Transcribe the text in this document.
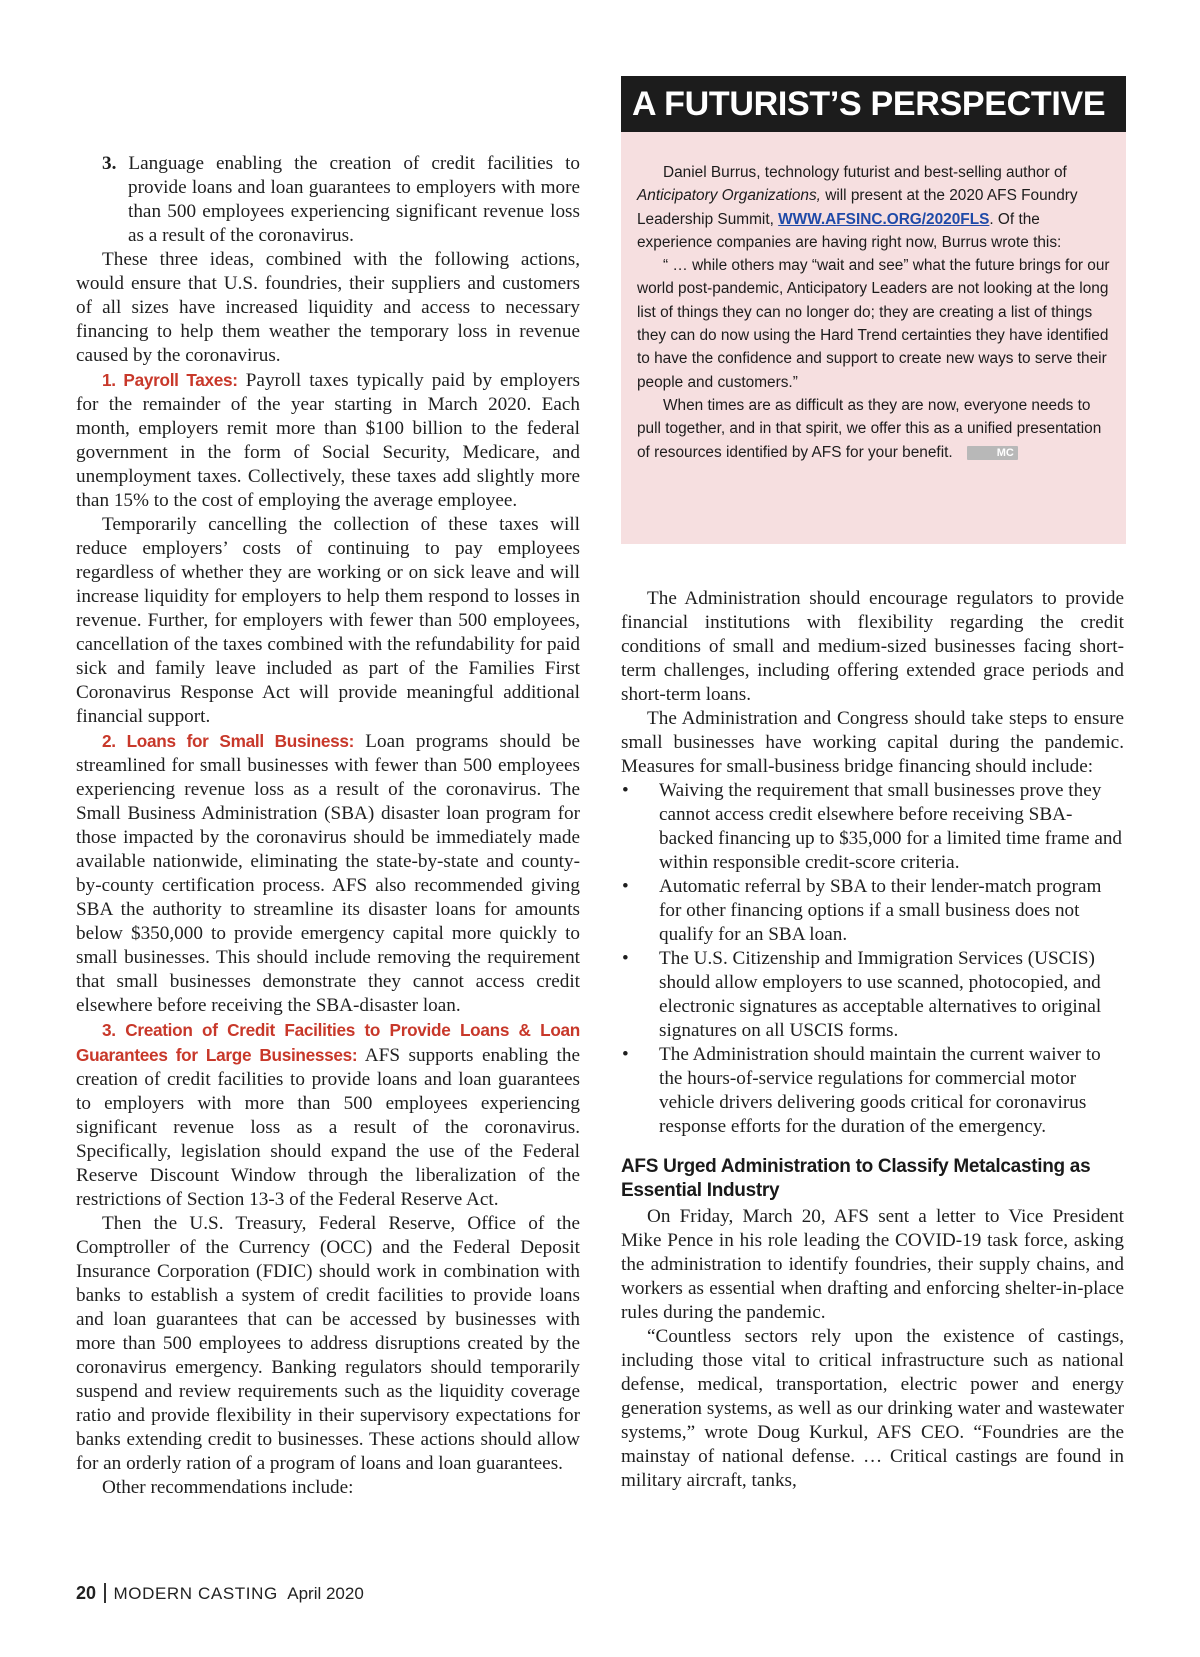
A FUTURIST’S PERSPECTIVE

Daniel Burrus, technology futurist and best-selling author of Anticipatory Organizations, will present at the 2020 AFS Foundry Leadership Summit, WWW.AFSINC.ORG/2020FLS. Of the experience companies are having right now, Burrus wrote this:

“ … while others may “wait and see” what the future brings for our world post-pandemic, Anticipatory Leaders are not looking at the long list of things they can no longer do; they are creating a list of things they can do now using the Hard Trend certainties they have identified to have the confidence and support to create new ways to serve their people and customers.”

When times are as difficult as they are now, everyone needs to pull together, and in that spirit, we offer this as a unified presentation of resources identified by AFS for your benefit.	MC

3. Language enabling the creation of credit facilities to provide loans and loan guarantees to employers with more than 500 employees experiencing significant revenue loss as a result of the coronavirus.

These three ideas, combined with the following actions, would ensure that U.S. foundries, their suppliers and customers of all sizes have increased liquidity and access to necessary financing to help them weather the temporary loss in revenue caused by the coronavirus.

1. Payroll Taxes: Payroll taxes typically paid by employers for the remainder of the year starting in March 2020. Each month, employers remit more than $100 billion to the federal government in the form of Social Security, Medicare, and unemployment taxes. Collectively, these taxes add slightly more than 15% to the cost of employing the average employee.

Temporarily cancelling the collection of these taxes will reduce employers’ costs of continuing to pay employees regardless of whether they are working or on sick leave and will increase liquidity for employers to help them respond to losses in revenue. Further, for employers with fewer than 500 employees, cancellation of the taxes combined with the refundability for paid sick and family leave included as part of the Families First Coronavirus Response Act will provide meaningful additional financial support.

2. Loans for Small Business: Loan programs should be streamlined for small businesses with fewer than 500 employees experiencing revenue loss as a result of the coronavirus. The Small Business Administration (SBA) disaster loan program for those impacted by the coronavirus should be immediately made available nationwide, eliminating the state-by-state and county-by-county certification process. AFS also recommended giving SBA the authority to streamline its disaster loans for amounts below $350,000 to provide emergency capital more quickly to small businesses. This should include removing the requirement that small businesses demonstrate they cannot access credit elsewhere before receiving the SBA-disaster loan.

3. Creation of Credit Facilities to Provide Loans & Loan Guarantees for Large Businesses: AFS supports enabling the creation of credit facilities to provide loans and loan guarantees to employers with more than 500 employees experiencing significant revenue loss as a result of the coronavirus. Specifically, legislation should expand the use of the Federal Reserve Discount Window through the liberalization of the restrictions of Section 13-3 of the Federal Reserve Act.

Then the U.S. Treasury, Federal Reserve, Office of the Comptroller of the Currency (OCC) and the Federal Deposit Insurance Corporation (FDIC) should work in combination with banks to establish a system of credit facilities to provide loans and loan guarantees that can be accessed by businesses with more than 500 employees to address disruptions created by the coronavirus emergency. Banking regulators should temporarily suspend and review requirements such as the liquidity coverage ratio and provide flexibility in their supervisory expectations for banks extending credit to businesses. These actions should allow for an orderly ration of a program of loans and loan guarantees.

Other recommendations include:

The Administration should encourage regulators to provide financial institutions with flexibility regarding the credit conditions of small and medium-sized businesses facing short-term challenges, including offering extended grace periods and short-term loans.

The Administration and Congress should take steps to ensure small businesses have working capital during the pandemic. Measures for small-business bridge financing should include:

• Waiving the requirement that small businesses prove they cannot access credit elsewhere before receiving SBA-backed financing up to $35,000 for a limited time frame and within responsible credit-score criteria.
• Automatic referral by SBA to their lender-match program for other financing options if a small business does not qualify for an SBA loan.
• The U.S. Citizenship and Immigration Services (USCIS) should allow employers to use scanned, photocopied, and electronic signatures as acceptable alternatives to original signatures on all USCIS forms.
• The Administration should maintain the current waiver to the hours-of-service regulations for commercial motor vehicle drivers delivering goods critical for coronavirus response efforts for the duration of the emergency.

AFS Urged Administration to Classify Metalcasting as Essential Industry

On Friday, March 20, AFS sent a letter to Vice President Mike Pence in his role leading the COVID-19 task force, asking the administration to identify foundries, their supply chains, and workers as essential when drafting and enforcing shelter-in-place rules during the pandemic.

“Countless sectors rely upon the existence of castings, including those vital to critical infrastructure such as national defense, medical, transportation, electric power and energy generation systems, as well as our drinking water and wastewater systems,” wrote Doug Kurkul, AFS CEO. “Foundries are the mainstay of national defense. … Critical castings are found in military aircraft, tanks,

20 MODERN CASTING April 2020
